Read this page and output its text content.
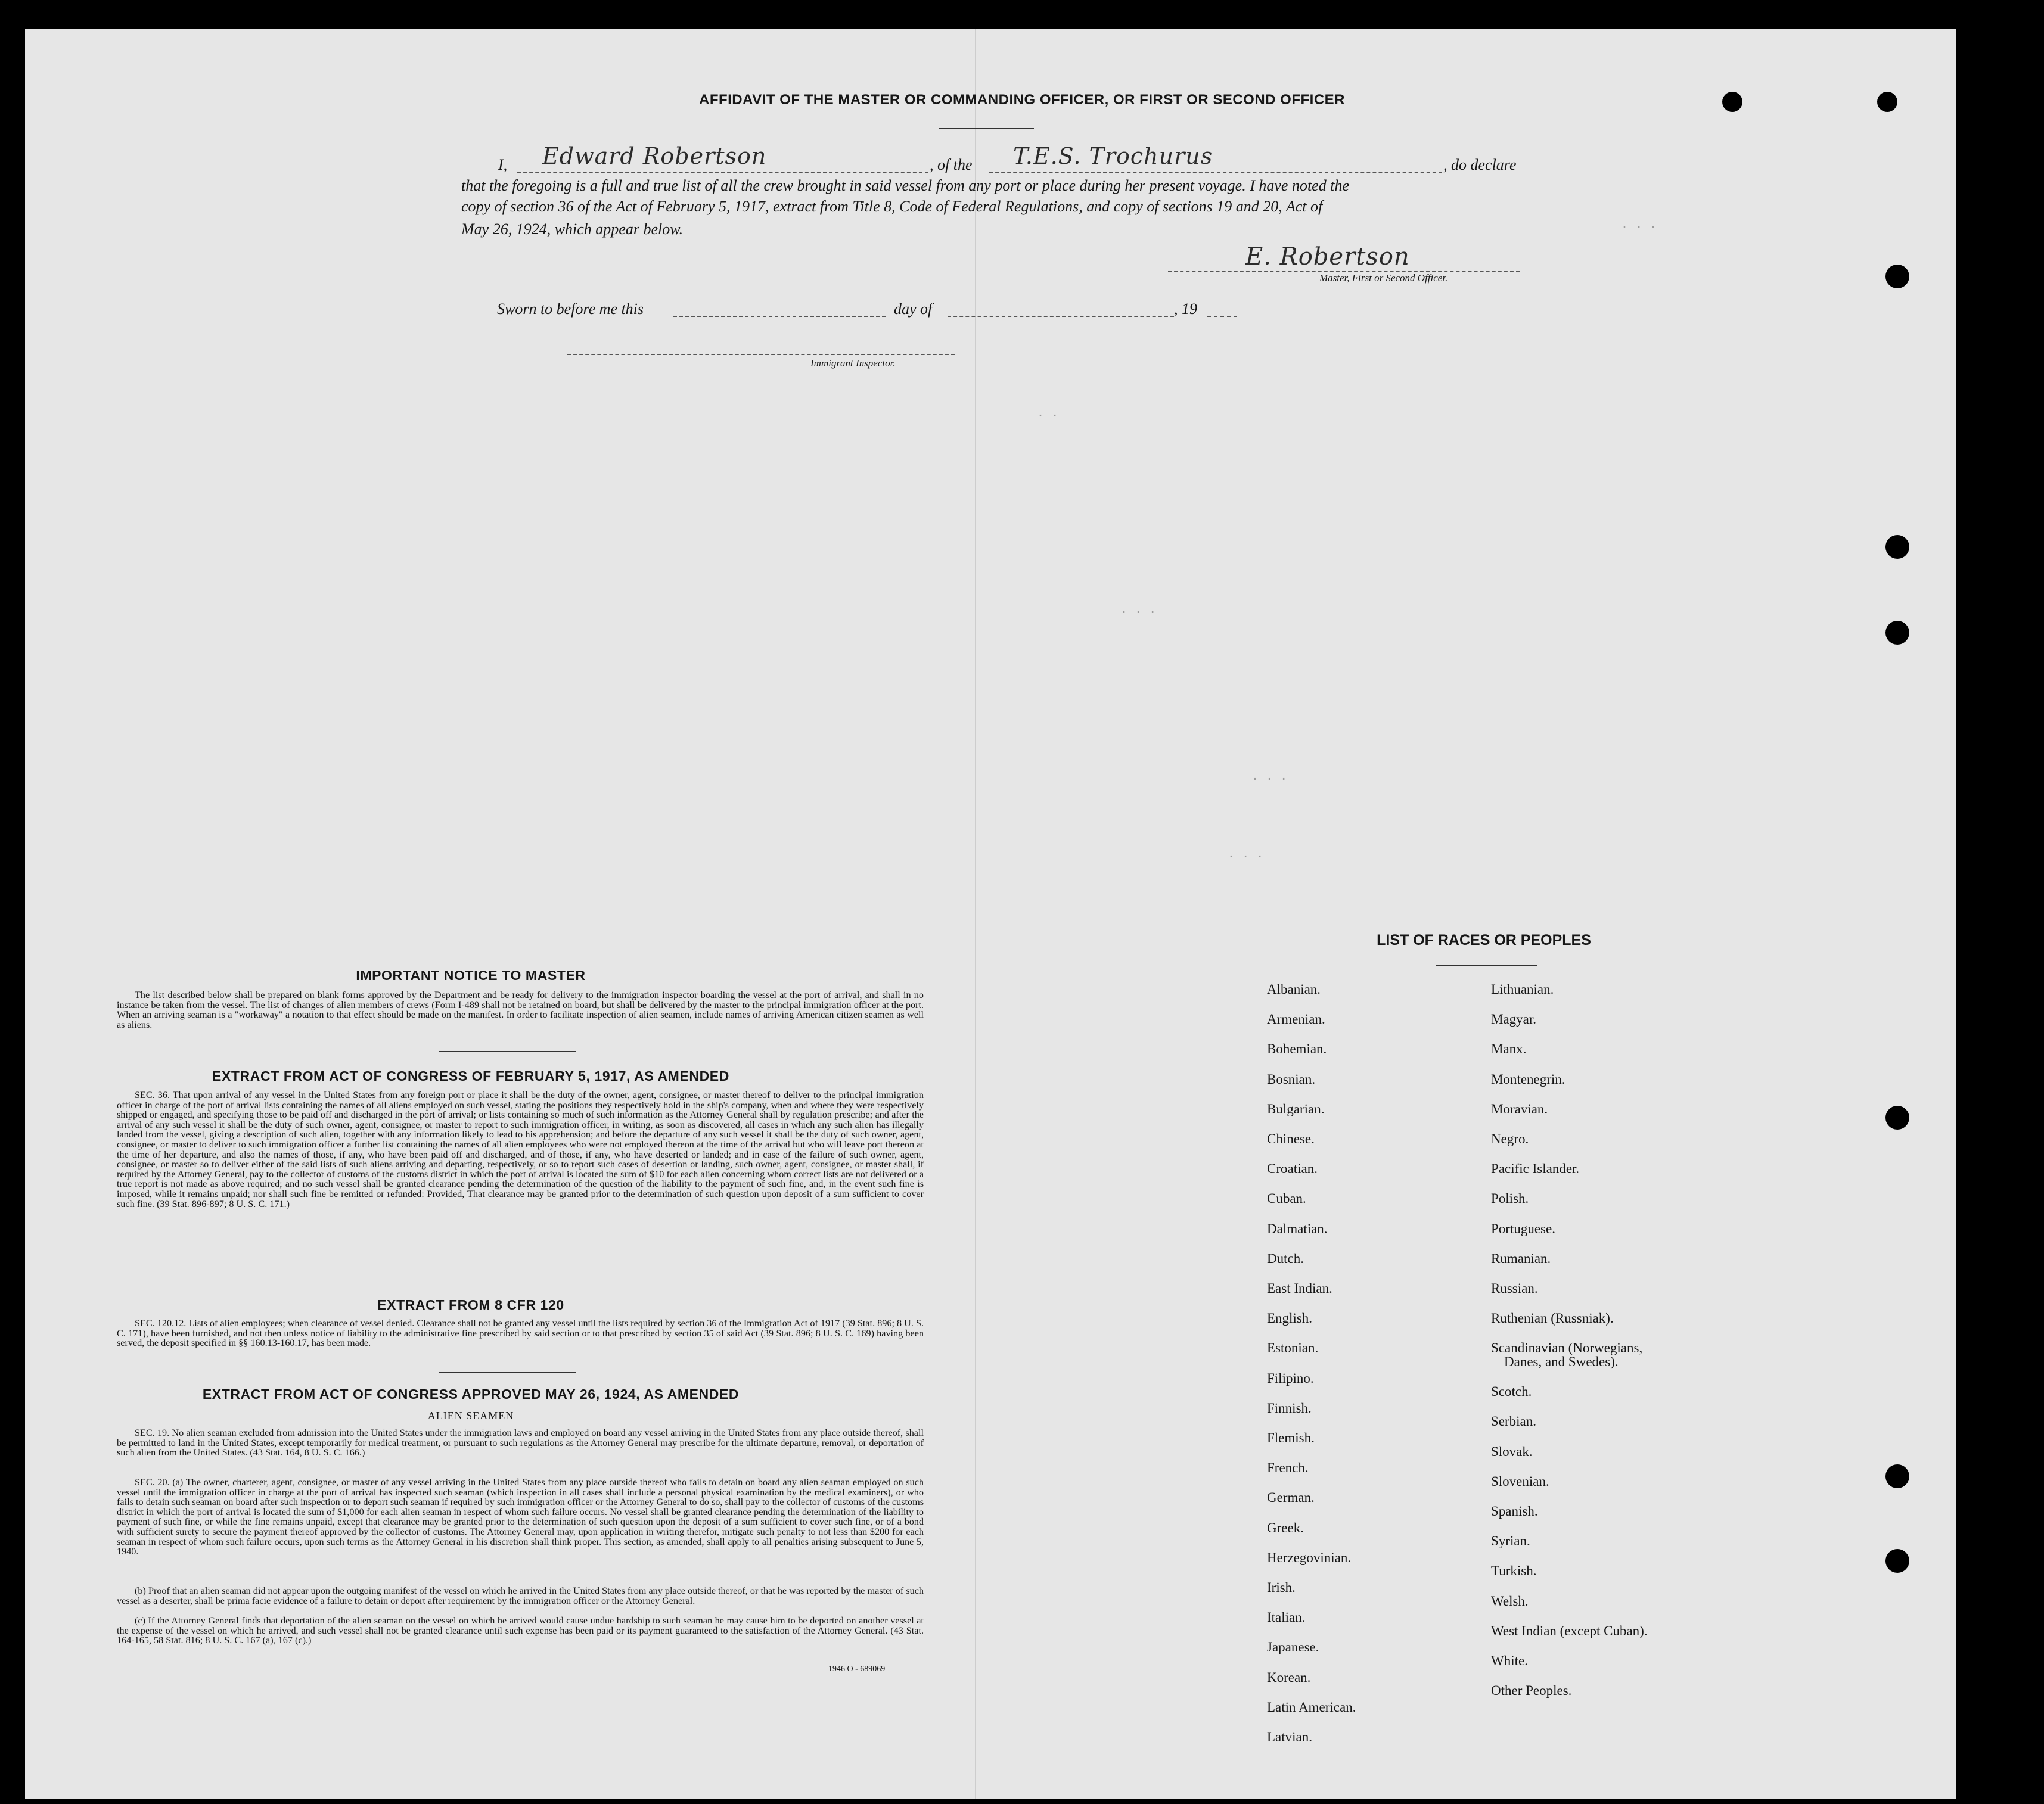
. .
. . .
. . .
. . .
. . .
AFFIDAVIT OF THE MASTER OR COMMANDING OFFICER, OR FIRST OR SECOND OFFICER
I, Edward Robertson	, of the T.E.S. Trochurus	, do declare
that the foregoing is a full and true list of all the crew brought in said vessel from any port or place during her present voyage. I have noted the
copy of section 36 of the Act of February 5, 1917, extract from Title 8, Code of Federal Regulations, and copy of sections 19 and 20, Act of
May 26, 1924, which appear below.
E. Robertson
Master, First or Second Officer.
Sworn to before me this	day of	, 19
Immigrant Inspector.
IMPORTANT NOTICE TO MASTER
The list described below shall be prepared on blank forms approved by the Department and be ready for delivery to the immigration inspector boarding the vessel at the port of arrival, and shall in no instance be taken from the vessel. The list of changes of alien members of crews (Form I-489 shall not be retained on board, but shall be delivered by the master to the principal immigration officer at the port. When an arriving seaman is a "workaway" a notation to that effect should be made on the manifest. In order to facilitate inspection of alien seamen, include names of arriving American citizen seamen as well as aliens.
EXTRACT FROM ACT OF CONGRESS OF FEBRUARY 5, 1917, AS AMENDED
SEC. 36. That upon arrival of any vessel in the United States from any foreign port or place it shall be the duty of the owner, agent, consignee, or master thereof to deliver to the principal immigration officer in charge of the port of arrival lists containing the names of all aliens employed on such vessel, stating the positions they respectively hold in the ship's company, when and where they were respectively shipped or engaged, and specifying those to be paid off and discharged in the port of arrival; or lists containing so much of such information as the Attorney General shall by regulation prescribe; and after the arrival of any such vessel it shall be the duty of such owner, agent, consignee, or master to report to such immigration officer, in writing, as soon as discovered, all cases in which any such alien has illegally landed from the vessel, giving a description of such alien, together with any information likely to lead to his apprehension; and before the departure of any such vessel it shall be the duty of such owner, agent, consignee, or master to deliver to such immigration officer a further list containing the names of all alien employees who were not employed thereon at the time of the arrival but who will leave port thereon at the time of her departure, and also the names of those, if any, who have been paid off and discharged, and of those, if any, who have deserted or landed; and in case of the failure of such owner, agent, consignee, or master so to deliver either of the said lists of such aliens arriving and departing, respectively, or so to report such cases of desertion or landing, such owner, agent, consignee, or master shall, if required by the Attorney General, pay to the collector of customs of the customs district in which the port of arrival is located the sum of $10 for each alien concerning whom correct lists are not delivered or a true report is not made as above required; and no such vessel shall be granted clearance pending the determination of the question of the liability to the payment of such fine, and, in the event such fine is imposed, while it remains unpaid; nor shall such fine be remitted or refunded: Provided, That clearance may be granted prior to the determination of such question upon deposit of a sum sufficient to cover such fine. (39 Stat. 896-897; 8 U. S. C. 171.)
EXTRACT FROM 8 CFR 120
SEC. 120.12. Lists of alien employees; when clearance of vessel denied. Clearance shall not be granted any vessel until the lists required by section 36 of the Immigration Act of 1917 (39 Stat. 896; 8 U. S. C. 171), have been furnished, and not then unless notice of liability to the administrative fine prescribed by said section or to that prescribed by section 35 of said Act (39 Stat. 896; 8 U. S. C. 169) having been served, the deposit specified in §§ 160.13-160.17, has been made.
EXTRACT FROM ACT OF CONGRESS APPROVED MAY 26, 1924, AS AMENDED
ALIEN SEAMEN
SEC. 19. No alien seaman excluded from admission into the United States under the immigration laws and employed on board any vessel arriving in the United States from any place outside thereof, shall be permitted to land in the United States, except temporarily for medical treatment, or pursuant to such regulations as the Attorney General may prescribe for the ultimate departure, removal, or deportation of such alien from the United States. (43 Stat. 164, 8 U. S. C. 166.)
SEC. 20. (a) The owner, charterer, agent, consignee, or master of any vessel arriving in the United States from any place outside thereof who fails to detain on board any alien seaman employed on such vessel until the immigration officer in charge at the port of arrival has inspected such seaman (which inspection in all cases shall include a personal physical examination by the medical examiners), or who fails to detain such seaman on board after such inspection or to deport such seaman if required by such immigration officer or the Attorney General to do so, shall pay to the collector of customs of the customs district in which the port of arrival is located the sum of $1,000 for each alien seaman in respect of whom such failure occurs. No vessel shall be granted clearance pending the determination of the liability to payment of such fine, or while the fine remains unpaid, except that clearance may be granted prior to the determination of such question upon the deposit of a sum sufficient to cover such fine, or of a bond with sufficient surety to secure the payment thereof approved by the collector of customs. The Attorney General may, upon application in writing therefor, mitigate such penalty to not less than $200 for each seaman in respect of whom such failure occurs, upon such terms as the Attorney General in his discretion shall think proper. This section, as amended, shall apply to all penalties arising subsequent to June 5, 1940.
(b) Proof that an alien seaman did not appear upon the outgoing manifest of the vessel on which he arrived in the United States from any place outside thereof, or that he was reported by the master of such vessel as a deserter, shall be prima facie evidence of a failure to detain or deport after requirement by the immigration officer or the Attorney General.
(c) If the Attorney General finds that deportation of the alien seaman on the vessel on which he arrived would cause undue hardship to such seaman he may cause him to be deported on another vessel at the expense of the vessel on which he arrived, and such vessel shall not be granted clearance until such expense has been paid or its payment guaranteed to the satisfaction of the Attorney General. (43 Stat. 164-165, 58 Stat. 816; 8 U. S. C. 167 (a), 167 (c).)
1946 O - 689069
LIST OF RACES OR PEOPLES
Albanian.
Armenian.
Bohemian.
Bosnian.
Bulgarian.
Chinese.
Croatian.
Cuban.
Dalmatian.
Dutch.
East Indian.
English.
Estonian.
Filipino.
Finnish.
Flemish.
French.
German.
Greek.
Herzegovinian.
Irish.
Italian.
Japanese.
Korean.
Latin American.
Latvian.
Lithuanian.
Magyar.
Manx.
Montenegrin.
Moravian.
Negro.
Pacific Islander.
Polish.
Portuguese.
Rumanian.
Russian.
Ruthenian (Russniak).
Scandinavian (Norwegians,
Danes, and Swedes).
Scotch.
Serbian.
Slovak.
Slovenian.
Spanish.
Syrian.
Turkish.
Welsh.
West Indian (except Cuban).
White.
Other Peoples.
